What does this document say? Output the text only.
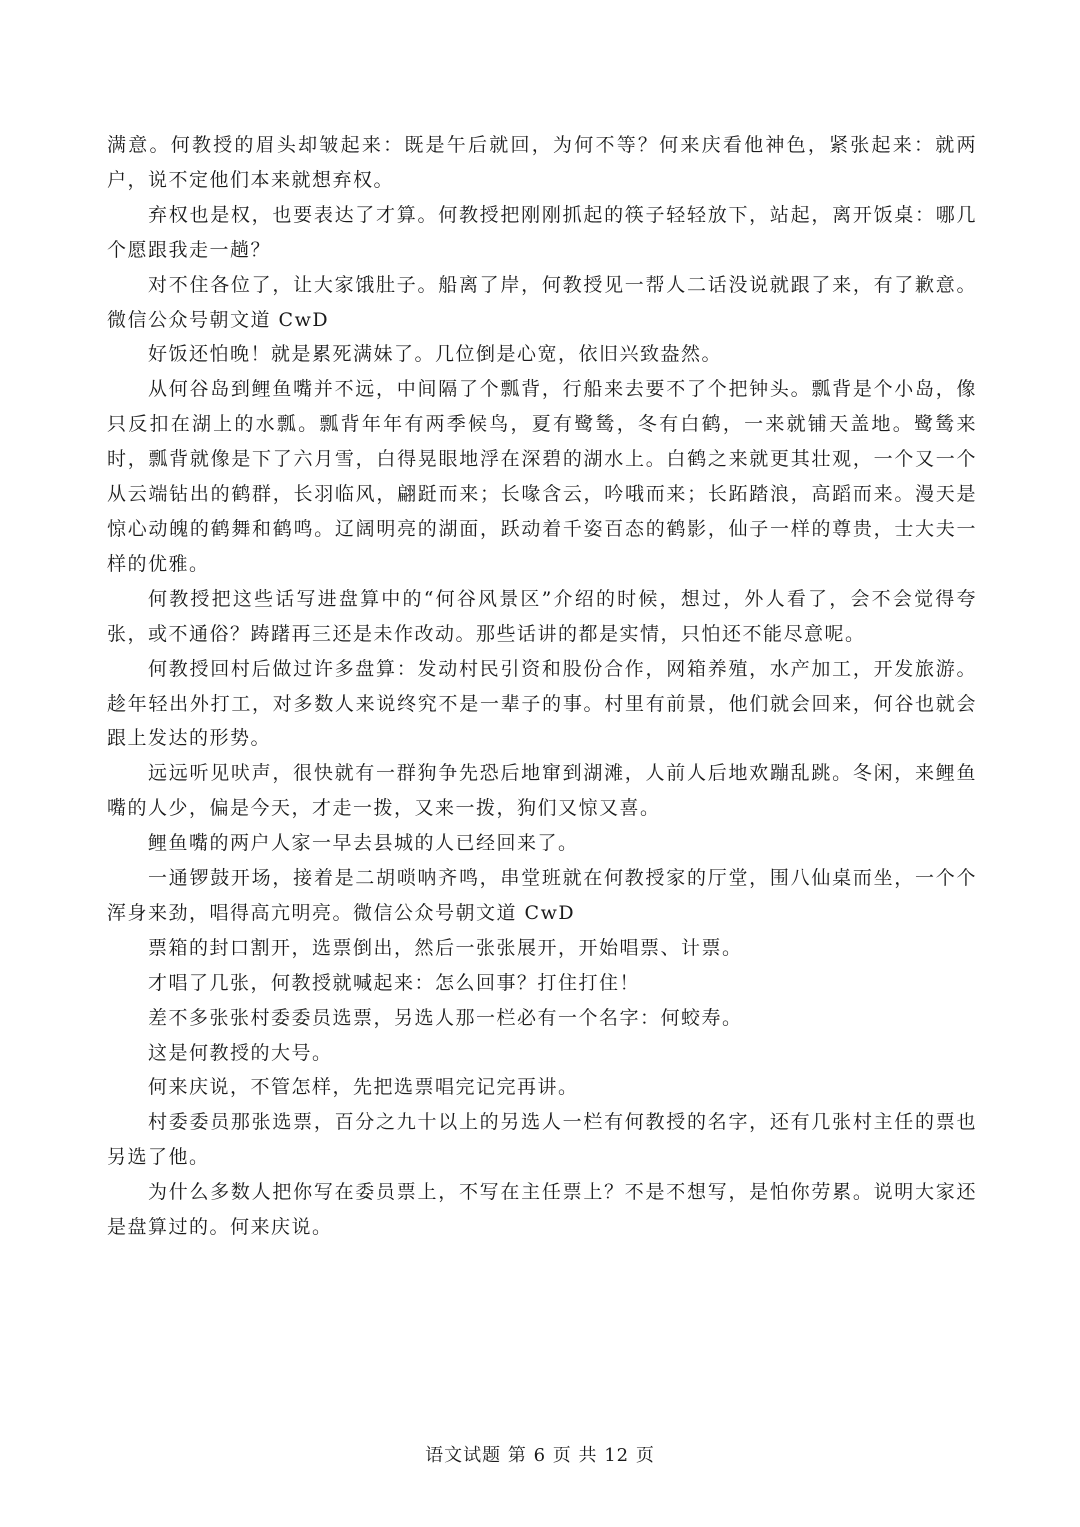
满意。何教授的眉头却皱起来：既是午后就回，为何不等？何来庆看他神色，紧张起来：就两户，说不定他们本来就想弃权。

弃权也是权，也要表达了才算。何教授把刚刚抓起的筷子轻轻放下，站起，离开饭桌：哪几个愿跟我走一趟？

对不住各位了，让大家饿肚子。船离了岸，何教授见一帮人二话没说就跟了来，有了歉意。微信公众号朝文道 CwD

好饭还怕晚！就是累死满妹了。几位倒是心宽，依旧兴致盎然。

从何谷岛到鲤鱼嘴并不远，中间隔了个瓢背，行船来去要不了个把钟头。瓢背是个小岛，像只反扣在湖上的水瓢。瓢背年年有两季候鸟，夏有鹭鸶，冬有白鹤，一来就铺天盖地。鹭鸶来时，瓢背就像是下了六月雪，白得晃眼地浮在深碧的湖水上。白鹤之来就更其壮观，一个又一个从云端钻出的鹤群，长羽临风，翩跹而来；长喙含云，吟哦而来；长跖踏浪，高蹈而来。漫天是惊心动魄的鹤舞和鹤鸣。辽阔明亮的湖面，跃动着千姿百态的鹤影，仙子一样的尊贵，士大夫一样的优雅。

何教授把这些话写进盘算中的“何谷风景区”介绍的时候，想过，外人看了，会不会觉得夸张，或不通俗？踌躇再三还是未作改动。那些话讲的都是实情，只怕还不能尽意呢。

何教授回村后做过许多盘算：发动村民引资和股份合作，网箱养殖，水产加工，开发旅游。趁年轻出外打工，对多数人来说终究不是一辈子的事。村里有前景，他们就会回来，何谷也就会跟上发达的形势。

远远听见吠声，很快就有一群狗争先恐后地窜到湖滩，人前人后地欢蹦乱跳。冬闲，来鲤鱼嘴的人少，偏是今天，才走一拨，又来一拨，狗们又惊又喜。

鲤鱼嘴的两户人家一早去县城的人已经回来了。

一通锣鼓开场，接着是二胡唢呐齐鸣，串堂班就在何教授家的厅堂，围八仙桌而坐，一个个浑身来劲，唱得高亢明亮。微信公众号朝文道 CwD

票箱的封口割开，选票倒出，然后一张张展开，开始唱票、计票。

才唱了几张，何教授就喊起来：怎么回事？打住打住！

差不多张张村委委员选票，另选人那一栏必有一个名字：何蛟寿。

这是何教授的大号。

何来庆说，不管怎样，先把选票唱完记完再讲。

村委委员那张选票，百分之九十以上的另选人一栏有何教授的名字，还有几张村主任的票也另选了他。

为什么多数人把你写在委员票上，不写在主任票上？不是不想写，是怕你劳累。说明大家还是盘算过的。何来庆说。

语文试题 第 6 页 共 12 页
